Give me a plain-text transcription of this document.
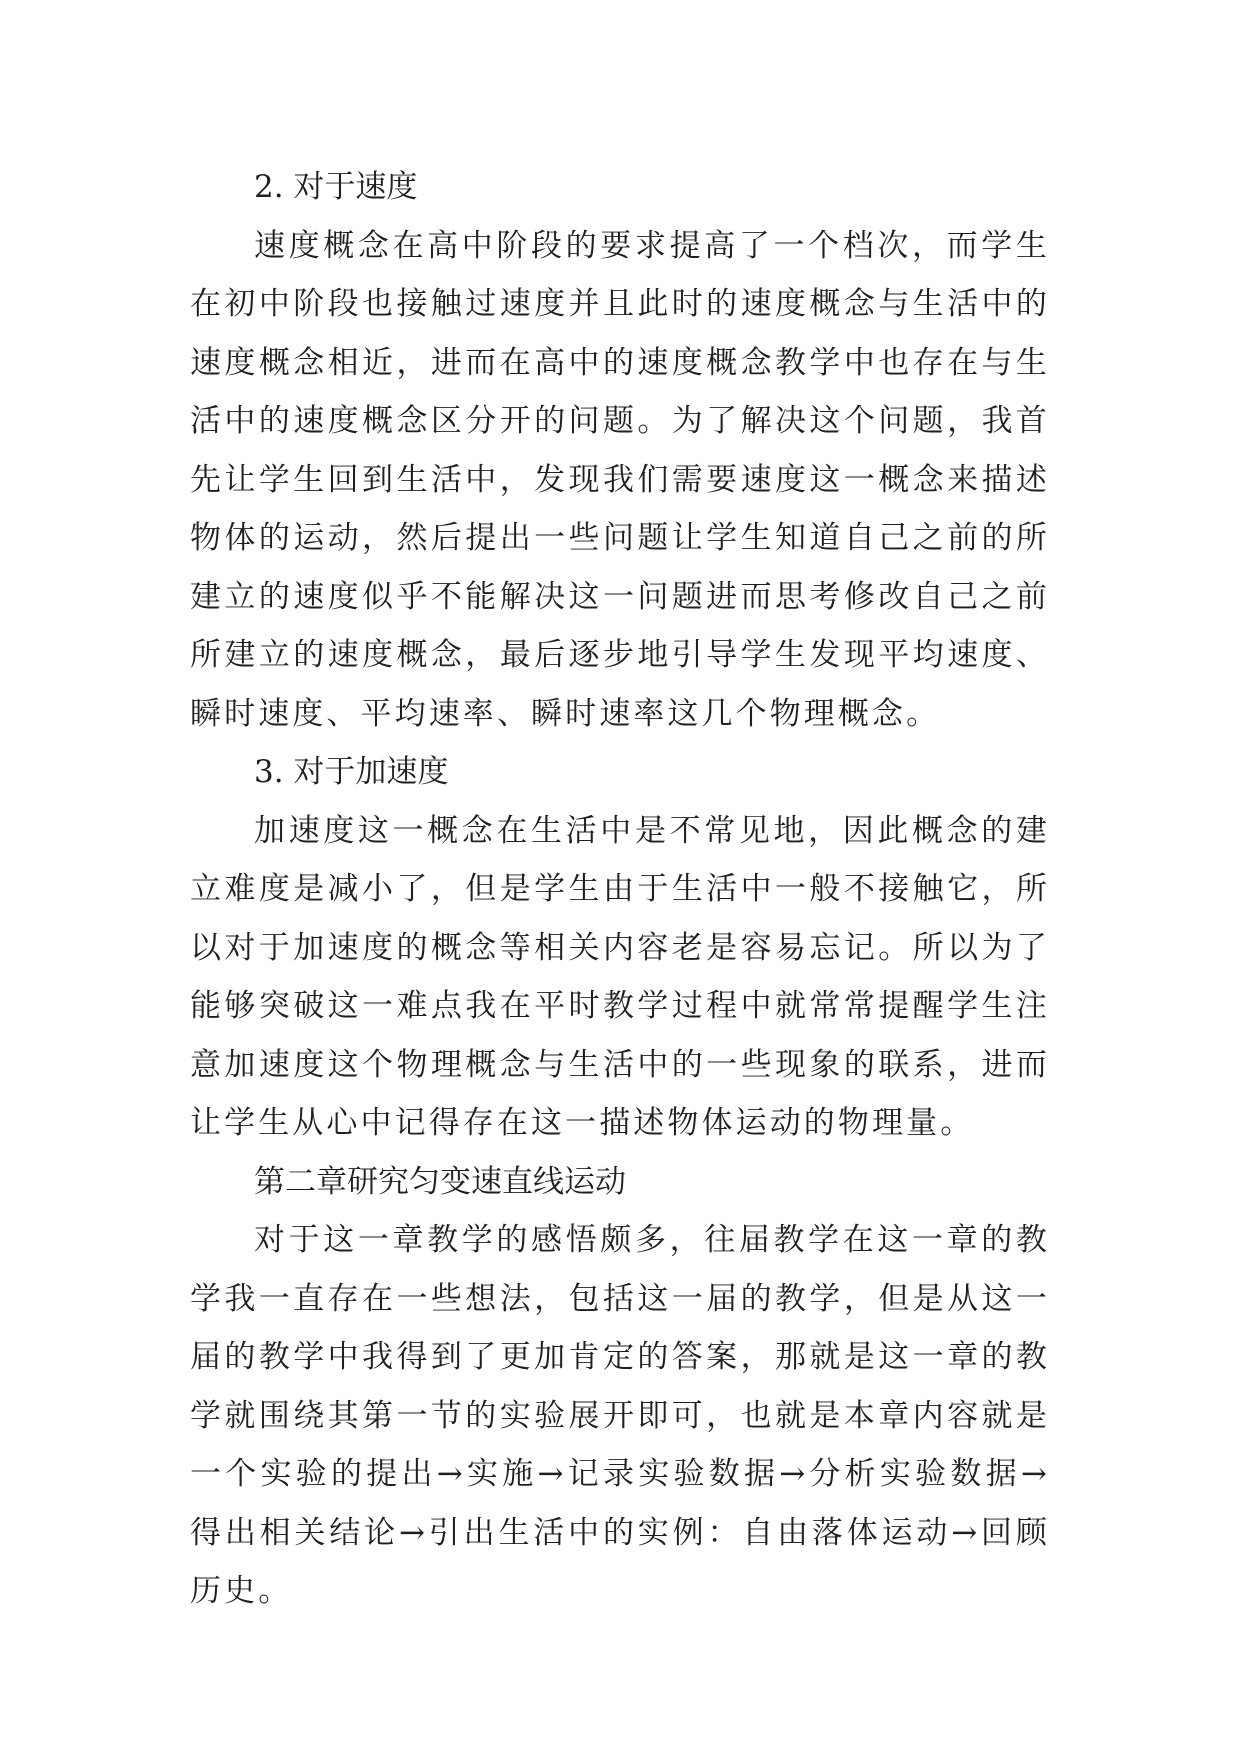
2. 对于速度
速度概念在高中阶段的要求提高了一个档次，而学生在初中阶段也接触过速度并且此时的速度概念与生活中的速度概念相近，进而在高中的速度概念教学中也存在与生活中的速度概念区分开的问题。为了解决这个问题，我首先让学生回到生活中，发现我们需要速度这一概念来描述物体的运动，然后提出一些问题让学生知道自己之前的所建立的速度似乎不能解决这一问题进而思考修改自己之前所建立的速度概念，最后逐步地引导学生发现平均速度、瞬时速度、平均速率、瞬时速率这几个物理概念。
3. 对于加速度
加速度这一概念在生活中是不常见地，因此概念的建立难度是减小了，但是学生由于生活中一般不接触它，所以对于加速度的概念等相关内容老是容易忘记。所以为了能够突破这一难点我在平时教学过程中就常常提醒学生注意加速度这个物理概念与生活中的一些现象的联系，进而让学生从心中记得存在这一描述物体运动的物理量。
第二章研究匀变速直线运动
对于这一章教学的感悟颇多，往届教学在这一章的教学我一直存在一些想法，包括这一届的教学，但是从这一届的教学中我得到了更加肯定的答案，那就是这一章的教学就围绕其第一节的实验展开即可，也就是本章内容就是一个实验的提出→实施→记录实验数据→分析实验数据→得出相关结论→引出生活中的实例：自由落体运动→回顾历史。
